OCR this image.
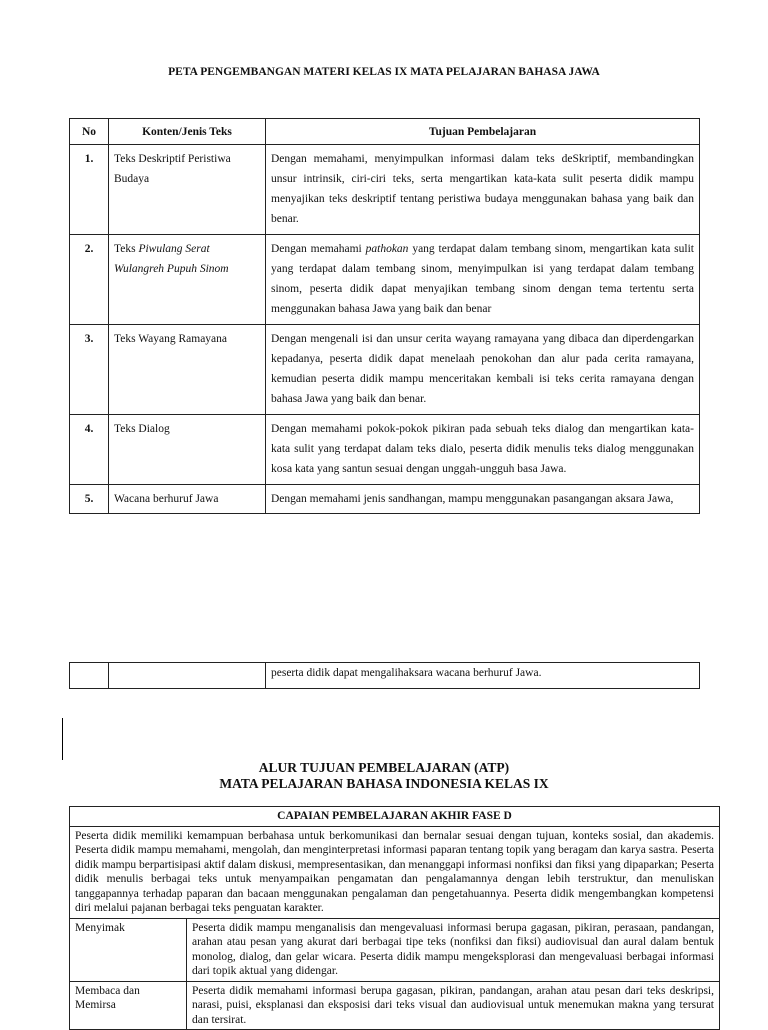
PETA PENGEMBANGAN MATERI KELAS IX MATA PELAJARAN BAHASA JAWA
No	Konten/Jenis Teks	Tujuan Pembelajaran
1.	Teks Deskriptif Peristiwa Budaya	Dengan memahami, menyimpulkan informasi dalam teks deSkriptif, membandingkan unsur intrinsik, ciri-ciri teks, serta mengartikan kata-kata sulit peserta didik mampu menyajikan teks deskriptif tentang peristiwa budaya menggunakan bahasa yang baik dan benar.
2.	Teks Piwulang Serat Wulangreh Pupuh Sinom	Dengan memahami pathokan yang terdapat dalam tembang sinom, mengartikan kata sulit yang terdapat dalam tembang sinom, menyimpulkan isi yang terdapat dalam tembang sinom, peserta didik dapat menyajikan tembang sinom dengan tema tertentu serta menggunakan bahasa Jawa yang baik dan benar
3.	Teks Wayang Ramayana	Dengan mengenali isi dan unsur cerita wayang ramayana yang dibaca dan diperdengarkan kepadanya, peserta didik dapat menelaah penokohan dan alur pada cerita ramayana, kemudian peserta didik mampu menceritakan kembali isi teks cerita ramayana dengan bahasa Jawa yang baik dan benar.
4.	Teks Dialog	Dengan memahami pokok-pokok pikiran pada sebuah teks dialog dan mengartikan kata-kata sulit yang terdapat dalam teks dialo, peserta didik menulis teks dialog menggunakan kosa kata yang santun sesuai dengan unggah-ungguh basa Jawa.
5.	Wacana berhuruf Jawa	Dengan memahami jenis sandhangan, mampu menggunakan pasangangan aksara Jawa,
		peserta didik dapat mengalihaksara wacana berhuruf Jawa.
ALUR TUJUAN PEMBELAJARAN (ATP)
MATA PELAJARAN BAHASA INDONESIA KELAS IX
CAPAIAN PEMBELAJARAN AKHIR FASE D	
Peserta didik memiliki kemampuan berbahasa untuk berkomunikasi dan bernalar sesuai dengan tujuan, konteks sosial, dan akademis. Peserta didik mampu memahami, mengolah, dan menginterpretasi informasi paparan tentang topik yang beragam dan karya sastra. Peserta didik mampu berpartisipasi aktif dalam diskusi, mempresentasikan, dan menanggapi informasi nonfiksi dan fiksi yang dipaparkan; Peserta didik menulis berbagai teks untuk menyampaikan pengamatan dan pengalamannya dengan lebih terstruktur, dan menuliskan tanggapannya terhadap paparan dan bacaan menggunakan pengalaman dan pengetahuannya. Peserta didik mengembangkan kompetensi diri melalui pajanan berbagai teks penguatan karakter.	
Menyimak	Peserta didik mampu menganalisis dan mengevaluasi informasi berupa gagasan, pikiran, perasaan, pandangan, arahan atau pesan yang akurat dari berbagai tipe teks (nonfiksi dan fiksi) audiovisual dan aural dalam bentuk monolog, dialog, dan gelar wicara. Peserta didik mampu mengeksplorasi dan mengevaluasi berbagai informasi dari topik aktual yang didengar.
Membaca dan Memirsa	Peserta didik memahami informasi berupa gagasan, pikiran, pandangan, arahan atau pesan dari teks deskripsi, narasi, puisi, eksplanasi dan eksposisi dari teks visual dan audiovisual untuk menemukan makna yang tersurat dan tersirat.
